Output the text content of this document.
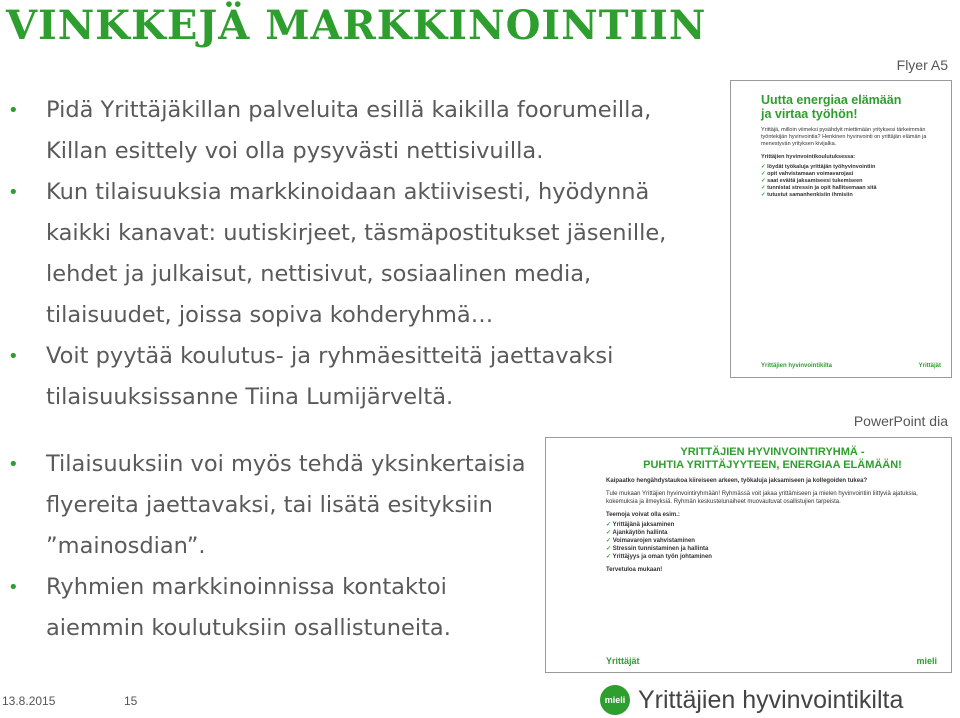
VINKKEJÄ MARKKINOINTIIN
• Pidä Yrittäjäkillan palveluita esillä kaikilla foorumeilla, Killan esittely voi olla pysyvästi nettisivuilla.
• Kun tilaisuuksia markkinoidaan aktiivisesti, hyödynnä kaikki kanavat: uutiskirjeet, täsmäpostitukset jäsenille, lehdet ja julkaisut, nettisivut, sosiaalinen media, tilaisuudet, joissa sopiva kohderyhmä…
• Voit pyytää koulutus- ja ryhmäesitteitä jaettavaksi tilaisuuksissanne Tiina Lumijärveltä.
• Tilaisuuksiin voi myös tehdä yksinkertaisia flyereita jaettavaksi, tai lisätä esityksiin ”mainosdian”.
• Ryhmien markkinoinnissa kontaktoi aiemmin koulutuksiin osallistuneita.
Flyer A5
PowerPoint dia
Uutta energiaa elämään
ja virtaa työhön!
Yrittäjä, milloin viimeksi pysähdyit miettimään yrityksesi tärkeimmän työntekijän hyvinvointia? Henkinen hyvinvointi on yrittäjän elämän ja menestyvän yrityksen kivijalka.
Yrittäjien hyvinvointikoulutuksessa:
✓ löydät työkaluja yrittäjän työhyvinvointiin
✓ opit vahvistamaan voimavarojasi
✓ saat eväitä jaksamiseesi tukemiseen
✓ tunnistat stressin ja opit hallitsemaan sitä
✓ tutustut samanhenkisiin ihmisiin
Yrittäjien hyvinvointikilta	Yrittäjät
YRITTÄJIEN HYVINVOINTIRYHMÄ -
PUHTIA YRITTÄJYYTEEN, ENERGIAA ELÄMÄÄN!
Kaipaatko hengähdystaukoa kiireiseen arkeen, työkaluja jaksamiseen ja kollegoiden tukea?
Tule mukaan Yrittäjien hyvinvointiryhmään! Ryhmässä voit jakaa yrittämiseen ja mielen hyvinvointiin liittyviä ajatuksia, kokemuksia ja ilmeyksiä. Ryhmän keskustelunaiheet muovautuvat osallistujien tarpeista.
Teemoja voivat olla esim.:
✓ Yrittäjänä jaksaminen
✓ Ajankäytön hallinta
✓ Voimavarojen vahvistaminen
✓ Stressin tunnistaminen ja hallinta
✓ Yrittäjyys ja oman työn johtaminen
Tervetuloa mukaan!
Yrittäjät	mieli
13.8.2015	15	mieli Yrittäjien hyvinvointikilta
